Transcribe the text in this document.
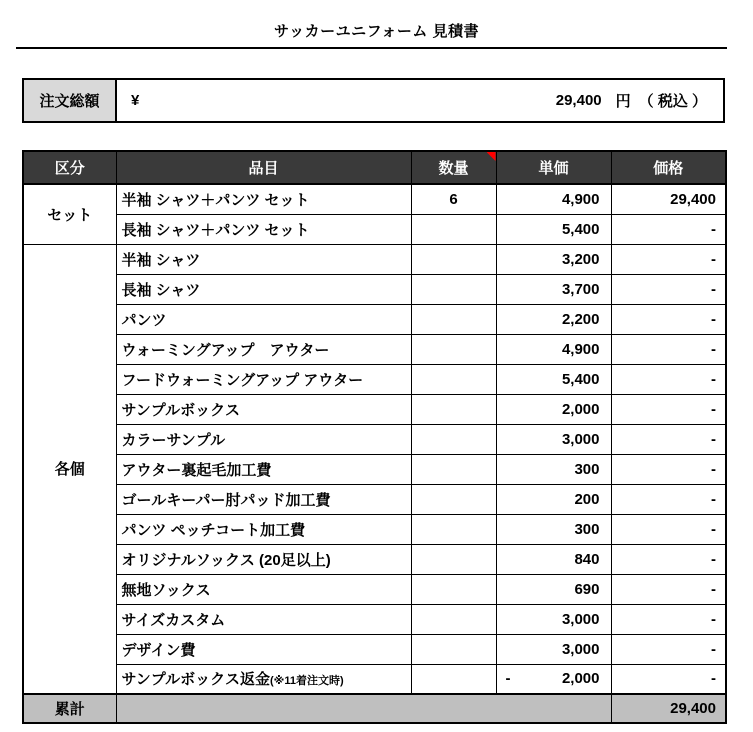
サッカーユニフォーム 見積書
注文総額	¥	29,400 円 （ 税込 ）
区分	品目	数量	単価	価格
セット	半袖 シャツ＋パンツ セット	6	4,900	29,400
	長袖 シャツ＋パンツ セット		5,400	-
各個	半袖 シャツ		3,200	-
	長袖 シャツ		3,700	-
	パンツ		2,200	-
	ウォーミングアップ　アウター		4,900	-
	フードウォーミングアップ アウター		5,400	-
	サンプルボックス		2,000	-
	カラーサンプル		3,000	-
	アウター裏起毛加工費		300	-
	ゴールキーパー肘パッド加工費		200	-
	パンツ ペッチコート加工費		300	-
	オリジナルソックス (20足以上)		840	-
	無地ソックス		690	-
	サイズカスタム		3,000	-
	デザイン費		3,000	-
	サンプルボックス返金(※11着注文時)		- 2,000	-
累計				29,400
